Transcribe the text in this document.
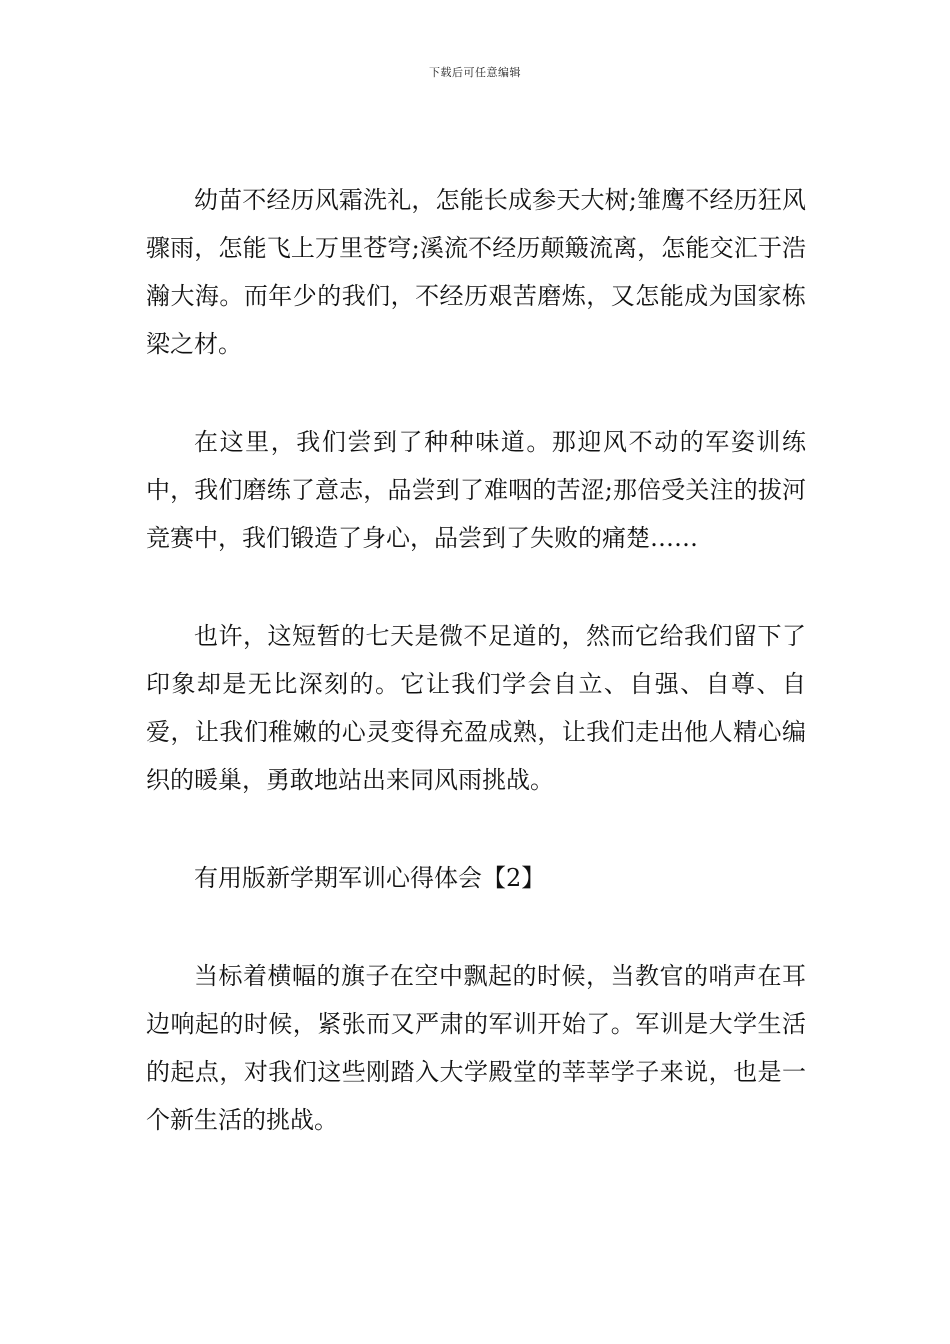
下载后可任意编辑

幼苗不经历风霜洗礼，怎能长成参天大树;雏鹰不经历狂风骤雨，怎能飞上万里苍穹;溪流不经历颠簸流离，怎能交汇于浩瀚大海。而年少的我们，不经历艰苦磨炼，又怎能成为国家栋梁之材。

在这里，我们尝到了种种味道。那迎风不动的军姿训练中，我们磨练了意志，品尝到了难咽的苦涩;那倍受关注的拔河竞赛中，我们锻造了身心，品尝到了失败的痛楚……

也许，这短暂的七天是微不足道的，然而它给我们留下了印象却是无比深刻的。它让我们学会自立、自强、自尊、自爱，让我们稚嫩的心灵变得充盈成熟，让我们走出他人精心编织的暖巢，勇敢地站出来同风雨挑战。

有用版新学期军训心得体会【2】

当标着横幅的旗子在空中飘起的时候，当教官的哨声在耳边响起的时候，紧张而又严肃的军训开始了。军训是大学生活的起点，对我们这些刚踏入大学殿堂的莘莘学子来说，也是一个新生活的挑战。
